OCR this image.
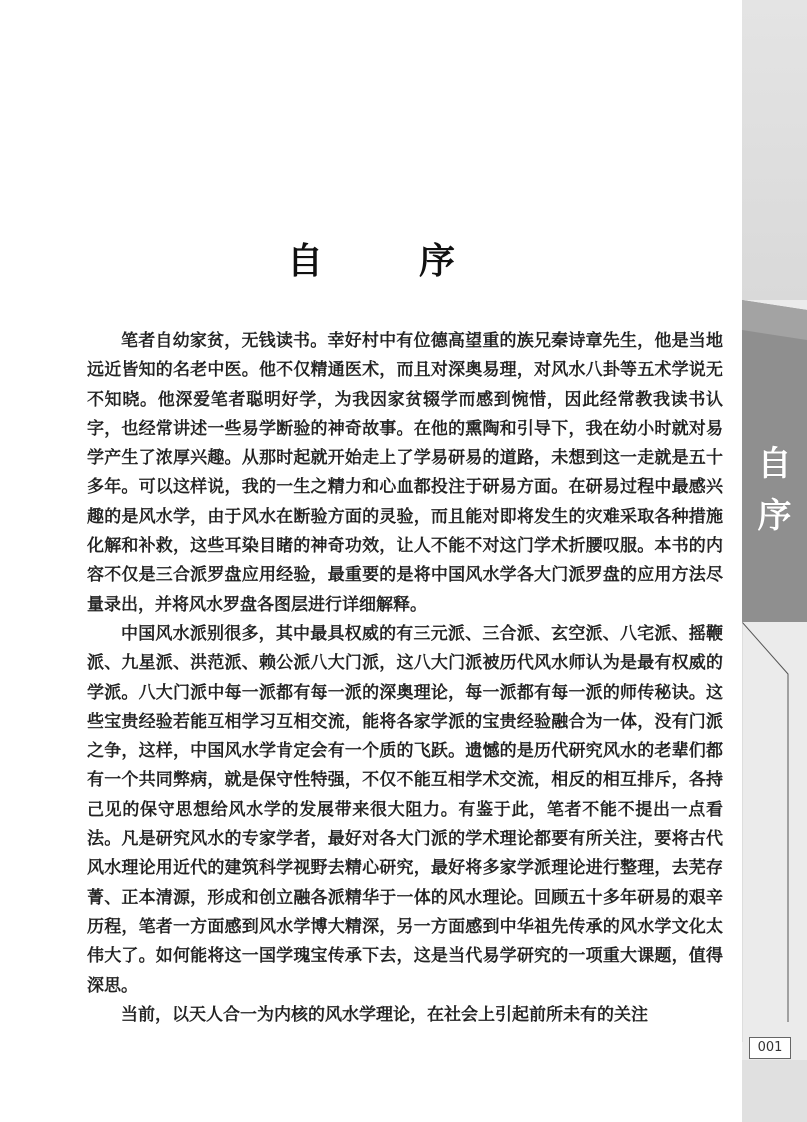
自
序
001
自　序

笔者自幼家贫，无钱读书。幸好村中有位德高望重的族兄秦诗章先生，他是当地远近皆知的名老中医。他不仅精通医术，而且对深奥易理，对风水八卦等五术学说无不知晓。他深爱笔者聪明好学，为我因家贫辍学而感到惋惜，因此经常教我读书认字，也经常讲述一些易学断验的神奇故事。在他的熏陶和引导下，我在幼小时就对易学产生了浓厚兴趣。从那时起就开始走上了学易研易的道路，未想到这一走就是五十多年。可以这样说，我的一生之精力和心血都投注于研易方面。在研易过程中最感兴趣的是风水学，由于风水在断验方面的灵验，而且能对即将发生的灾难采取各种措施化解和补救，这些耳染目睹的神奇功效，让人不能不对这门学术折腰叹服。本书的内容不仅是三合派罗盘应用经验，最重要的是将中国风水学各大门派罗盘的应用方法尽量录出，并将风水罗盘各图层进行详细解释。

中国风水派别很多，其中最具权威的有三元派、三合派、玄空派、八宅派、摇鞭派、九星派、洪范派、赖公派八大门派，这八大门派被历代风水师认为是最有权威的学派。八大门派中每一派都有每一派的深奥理论，每一派都有每一派的师传秘诀。这些宝贵经验若能互相学习互相交流，能将各家学派的宝贵经验融合为一体，没有门派之争，这样，中国风水学肯定会有一个质的飞跃。遗憾的是历代研究风水的老辈们都有一个共同弊病，就是保守性特强，不仅不能互相学术交流，相反的相互排斥，各持己见的保守思想给风水学的发展带来很大阻力。有鉴于此，笔者不能不提出一点看法。凡是研究风水的专家学者，最好对各大门派的学术理论都要有所关注，要将古代风水理论用近代的建筑科学视野去精心研究，最好将多家学派理论进行整理，去芜存菁、正本清源，形成和创立融各派精华于一体的风水理论。回顾五十多年研易的艰辛历程，笔者一方面感到风水学博大精深，另一方面感到中华祖先传承的风水学文化太伟大了。如何能将这一国学瑰宝传承下去，这是当代易学研究的一项重大课题，值得深思。

当前，以天人合一为内核的风水学理论，在社会上引起前所未有的关注
